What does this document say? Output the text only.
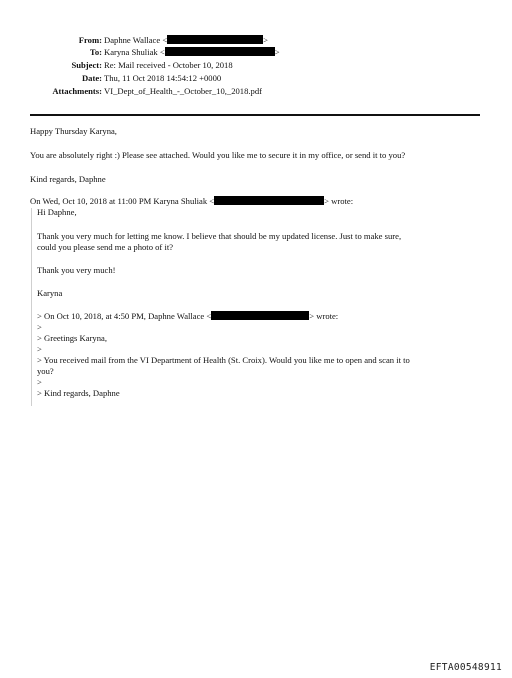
From: Daphne Wallace <	>
To: Karyna Shuliak <	>
Subject: Re: Mail received - October 10, 2018
Date: Thu, 11 Oct 2018 14:54:12 +0000
Attachments: VI_Dept_of_Health_-_October_10,_2018.pdf
Happy Thursday Karyna,
You are absolutely right :) Please see attached. Would you like me to secure it in my office, or send it to you?
Kind regards, Daphne
On Wed, Oct 10, 2018 at 11:00 PM Karyna Shuliak <	> wrote:
Hi Daphne,
Thank you very much for letting me know. I believe that should be my updated license. Just to make sure,
could you please send me a photo of it?
Thank you very much!
Karyna
> On Oct 10, 2018, at 4:50 PM, Daphne Wallace <	> wrote:
>
> Greetings Karyna,
>
> You received mail from the VI Department of Health (St. Croix). Would you like me to open and scan it to
you?
>
> Kind regards, Daphne
EFTA00548911
